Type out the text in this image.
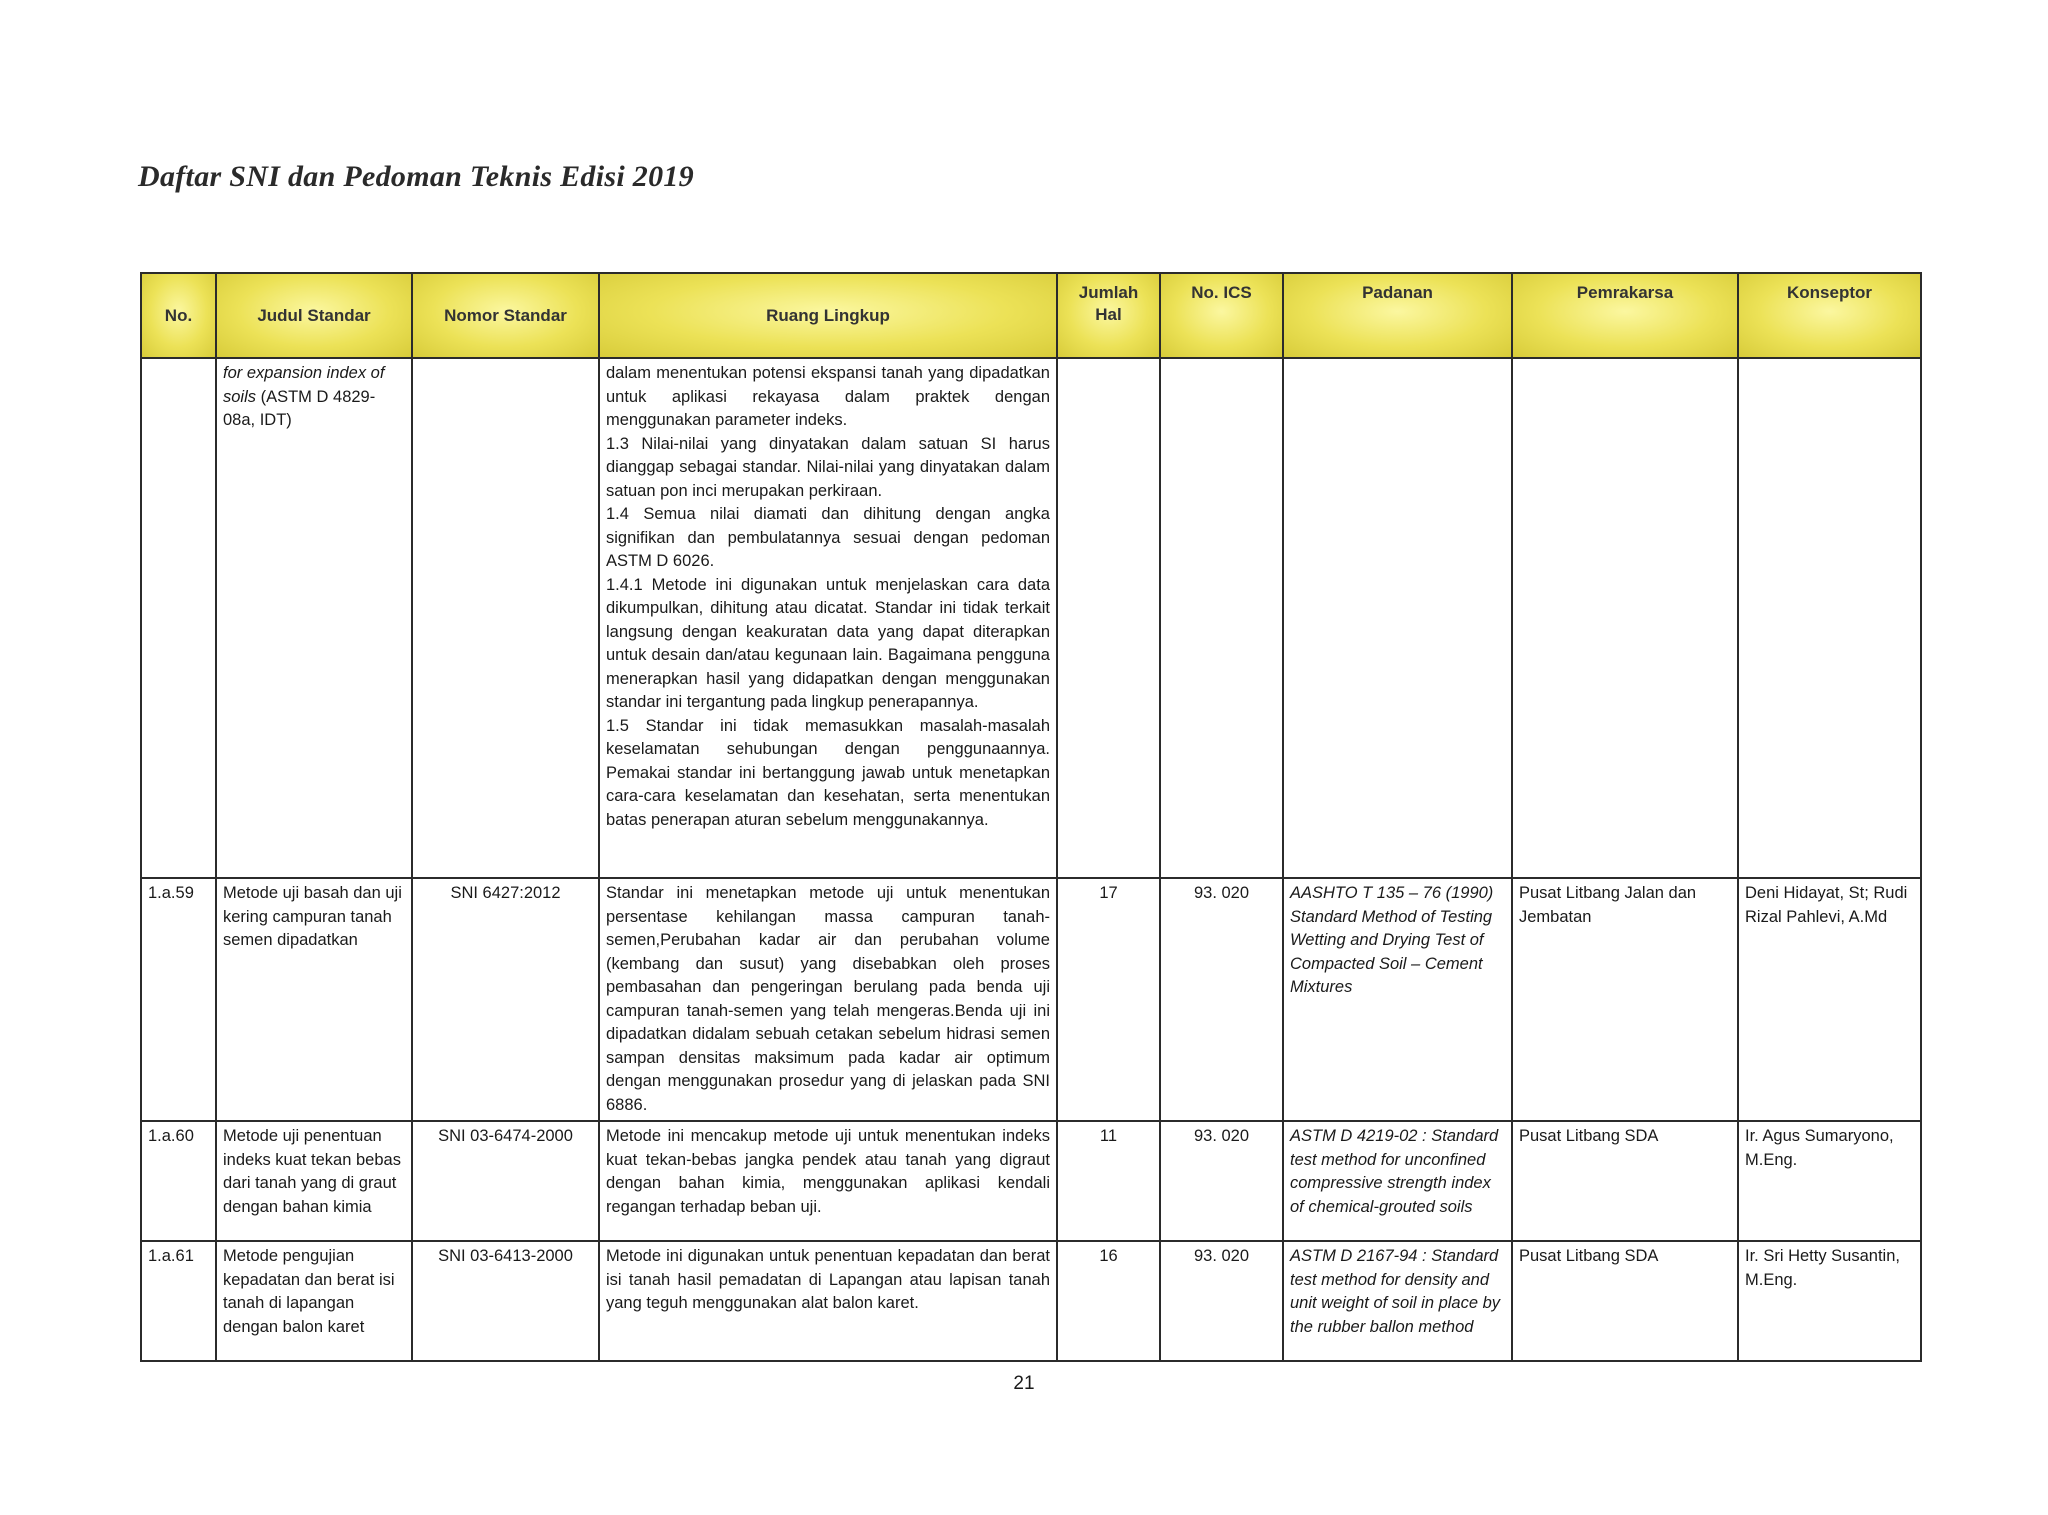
Daftar SNI dan Pedoman Teknis Edisi 2019
No.	Judul Standar	Nomor Standar	Ruang Lingkup	Jumlah Hal	No. ICS	Padanan	Pemrakarsa	Konseptor
	for expansion index of soils (ASTM D 4829-08a, IDT)		dalam menentukan potensi ekspansi tanah yang dipadatkan untuk aplikasi rekayasa dalam praktek dengan menggunakan parameter indeks.
1.3 Nilai-nilai yang dinyatakan dalam satuan SI harus dianggap sebagai standar. Nilai-nilai yang dinyatakan dalam satuan pon inci merupakan perkiraan.
1.4 Semua nilai diamati dan dihitung dengan angka signifikan dan pembulatannya sesuai dengan pedoman ASTM D 6026.
1.4.1 Metode ini digunakan untuk menjelaskan cara data dikumpulkan, dihitung atau dicatat. Standar ini tidak terkait langsung dengan keakuratan data yang dapat diterapkan untuk desain dan/atau kegunaan lain. Bagaimana pengguna menerapkan hasil yang didapatkan dengan menggunakan standar ini tergantung pada lingkup penerapannya.
1.5 Standar ini tidak memasukkan masalah-masalah keselamatan sehubungan dengan penggunaannya. Pemakai standar ini bertanggung jawab untuk menetapkan cara-cara keselamatan dan kesehatan, serta menentukan batas penerapan aturan sebelum menggunakannya.					

1.a.59	Metode uji basah dan uji kering campuran tanah semen dipadatkan	SNI 6427:2012	Standar ini menetapkan metode uji untuk menentukan persentase kehilangan massa campuran tanah-semen,Perubahan kadar air dan perubahan volume (kembang dan susut) yang disebabkan oleh proses pembasahan dan pengeringan berulang pada benda uji campuran tanah-semen yang telah mengeras.Benda uji ini dipadatkan didalam sebuah cetakan sebelum hidrasi semen sampan densitas maksimum pada kadar air optimum dengan menggunakan prosedur yang di jelaskan pada SNI 6886.	17	93. 020	AASHTO T 135 – 76 (1990) Standard Method of Testing Wetting and Drying Test of Compacted Soil – Cement Mixtures	Pusat Litbang Jalan dan Jembatan	Deni Hidayat, St; Rudi Rizal Pahlevi, A.Md
1.a.60	Metode uji penentuan indeks kuat tekan bebas dari tanah yang di graut dengan bahan kimia	SNI 03-6474-2000	Metode ini mencakup metode uji untuk menentukan indeks kuat tekan-bebas jangka pendek atau tanah yang digraut dengan bahan kimia, menggunakan aplikasi kendali regangan terhadap beban uji.	11	93. 020	ASTM D 4219-02 : Standard test method for unconfined compressive strength index of chemical-grouted soils	Pusat Litbang SDA	Ir. Agus Sumaryono, M.Eng.
1.a.61	Metode pengujian kepadatan dan berat isi tanah di lapangan dengan balon karet	SNI 03-6413-2000	Metode ini digunakan untuk penentuan kepadatan dan berat isi tanah hasil pemadatan di Lapangan atau lapisan tanah yang teguh menggunakan alat balon karet.	16	93. 020	ASTM D 2167-94 : Standard test method for density and unit weight of soil in place by the rubber ballon method	Pusat Litbang SDA	Ir. Sri Hetty Susantin, M.Eng.
21
